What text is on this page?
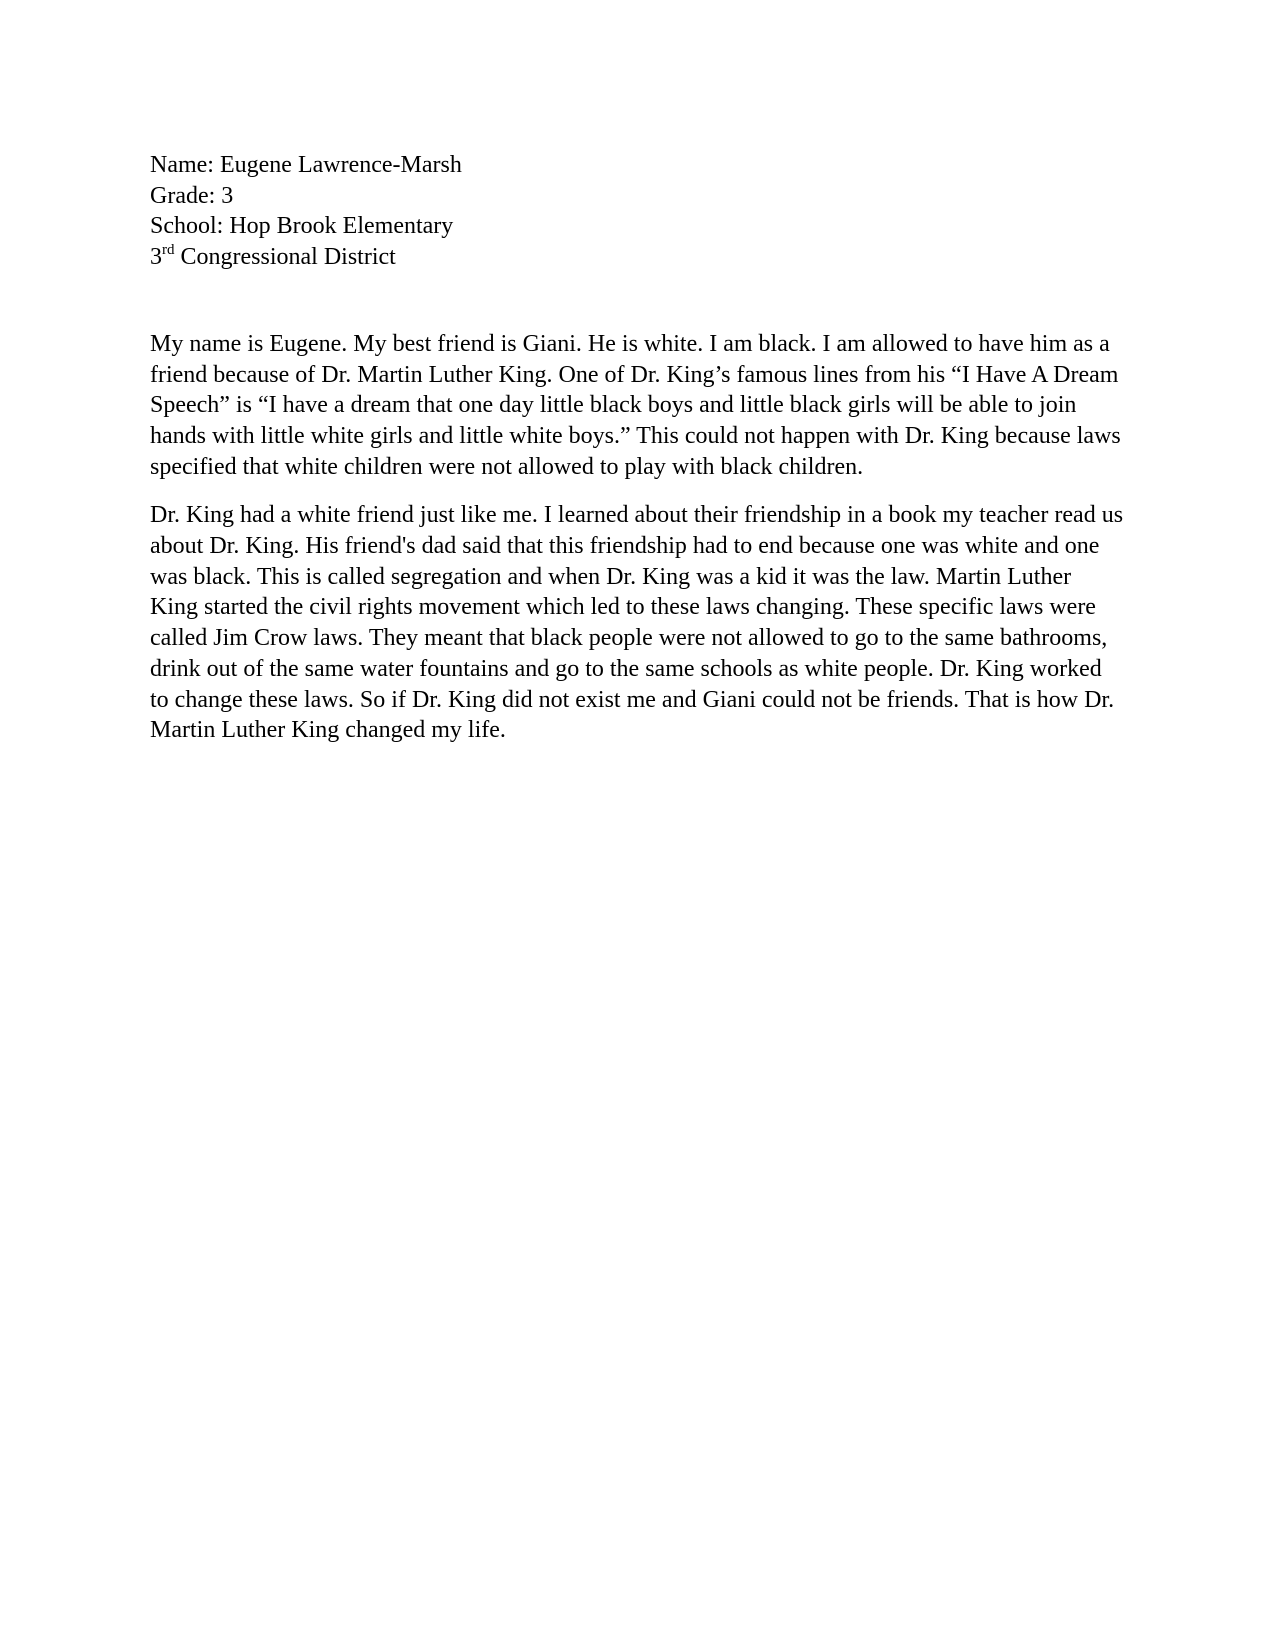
Name: Eugene Lawrence-Marsh
Grade: 3
School: Hop Brook Elementary
3rd Congressional District

My name is Eugene. My best friend is Giani. He is white. I am black. I am allowed to have him as a friend because of Dr. Martin Luther King. One of Dr. King’s famous lines from his “I Have A Dream Speech” is “I have a dream that one day little black boys and little black girls will be able to join hands with little white girls and little white boys.” This could not happen with Dr. King because laws specified that white children were not allowed to play with black children.

Dr. King had a white friend just like me. I learned about their friendship in a book my teacher read us about Dr. King. His friend's dad said that this friendship had to end because one was white and one was black. This is called segregation and when Dr. King was a kid it was the law. Martin Luther King started the civil rights movement which led to these laws changing. These specific laws were called Jim Crow laws. They meant that black people were not allowed to go to the same bathrooms, drink out of the same water fountains and go to the same schools as white people. Dr. King worked to change these laws. So if Dr. King did not exist me and Giani could not be friends. That is how Dr. Martin Luther King changed my life.
